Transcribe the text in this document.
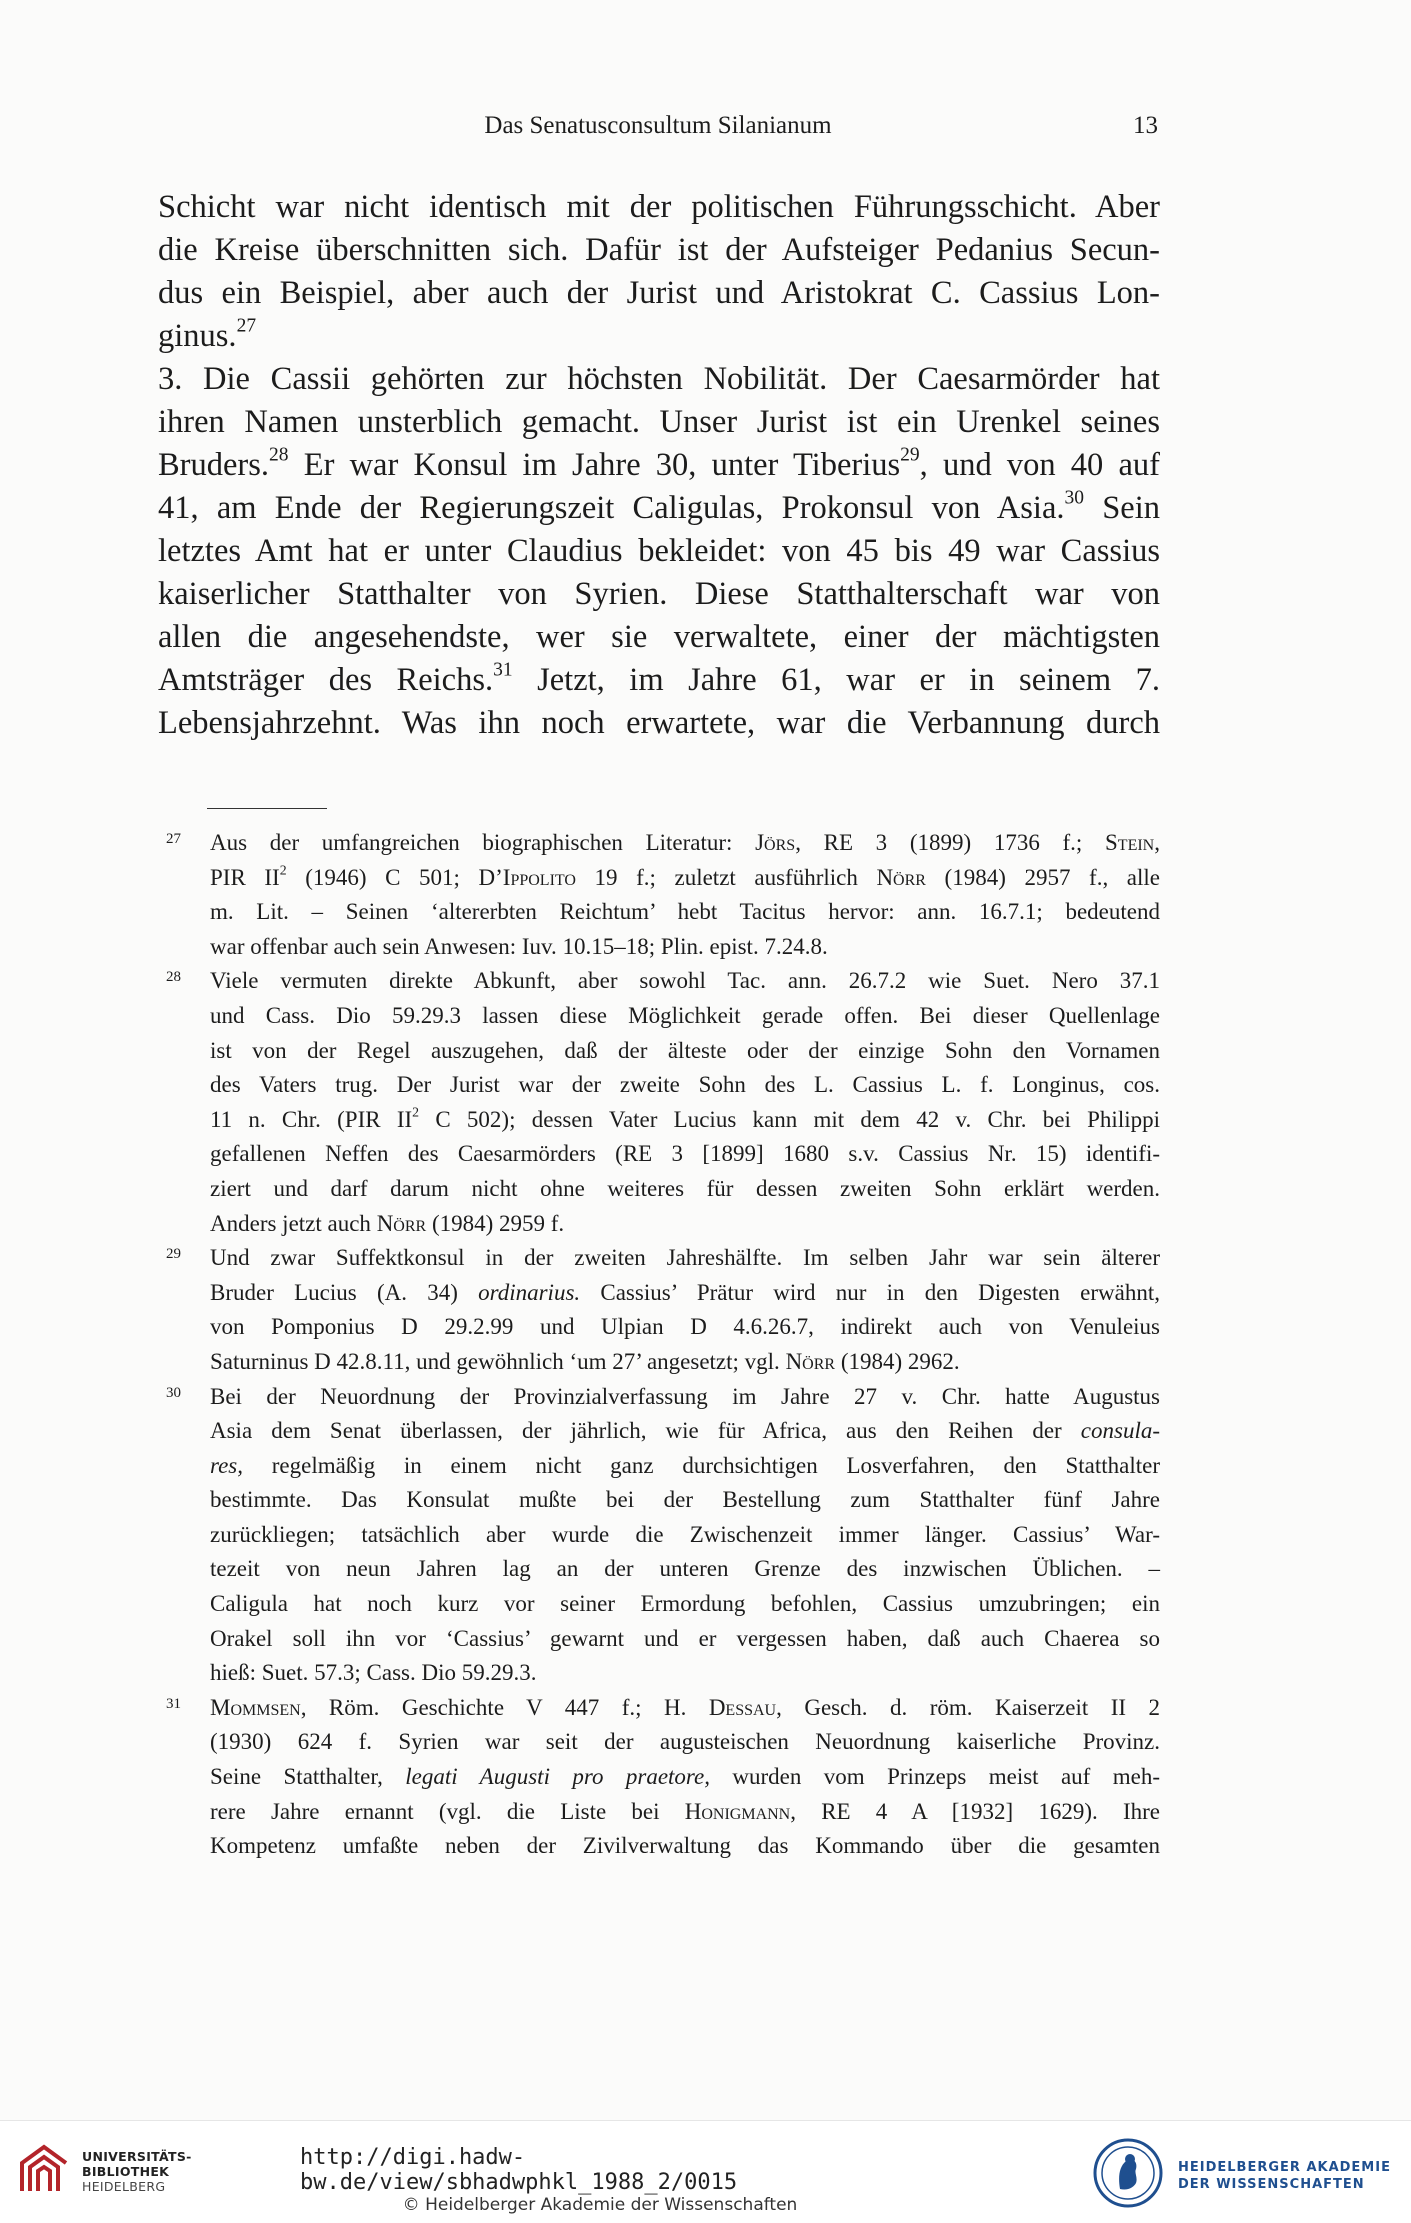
Das Senatusconsultum Silanianum	13
Schicht war nicht identisch mit der politischen Führungsschicht. Aber
die Kreise überschnitten sich. Dafür ist der Aufsteiger Pedanius Secun-
dus ein Beispiel, aber auch der Jurist und Aristokrat C. Cassius Lon-
ginus.$^{27}$
3. Die Cassii gehörten zur höchsten Nobilität. Der Caesarmörder hat
ihren Namen unsterblich gemacht. Unser Jurist ist ein Urenkel seines
Bruders.$^{28}$ Er war Konsul im Jahre 30, unter Tiberius$^{29}$, und von 40 auf
41, am Ende der Regierungszeit Caligulas, Prokonsul von Asia.$^{30}$ Sein
letztes Amt hat er unter Claudius bekleidet: von 45 bis 49 war Cassius
kaiserlicher Statthalter von Syrien. Diese Statthalterschaft war von
allen die angesehendste, wer sie verwaltete, einer der mächtigsten
Amtsträger des Reichs.$^{31}$ Jetzt, im Jahre 61, war er in seinem 7.
Lebensjahrzehnt. Was ihn noch erwartete, war die Verbannung durch
27 Aus der umfangreichen biographischen Literatur: Jörs, RE 3 (1899) 1736 f.; Stein,
PIR $II^2$ (1946) C 501; D’Ippolito 19 f.; zuletzt ausführlich Nörr (1984) 2957 f., alle
m. Lit. – Seinen ‘altererbten Reichtum’ hebt Tacitus hervor: ann. 16.7.1; bedeutend
war offenbar auch sein Anwesen: Iuv. 10.15–18; Plin. epist. 7.24.8.
28 Viele vermuten direkte Abkunft, aber sowohl Tac. ann. 26.7.2 wie Suet. Nero 37.1
und Cass. Dio 59.29.3 lassen diese Möglichkeit gerade offen. Bei dieser Quellenlage
ist von der Regel auszugehen, daß der älteste oder der einzige Sohn den Vornamen
des Vaters trug. Der Jurist war der zweite Sohn des L. Cassius L. f. Longinus, cos.
11 n. Chr. (PIR $II^2$ C 502); dessen Vater Lucius kann mit dem 42 v. Chr. bei Philippi
gefallenen Neffen des Caesarmörders (RE 3 [1899] 1680 s.v. Cassius Nr. 15) identifi-
ziert und darf darum nicht ohne weiteres für dessen zweiten Sohn erklärt werden.
Anders jetzt auch Nörr (1984) 2959 f.
29 Und zwar Suffektkonsul in der zweiten Jahreshälfte. Im selben Jahr war sein älterer
Bruder Lucius (A. 34) ordinarius. Cassius’ Prätur wird nur in den Digesten erwähnt,
von Pomponius D 29.2.99 und Ulpian D 4.6.26.7, indirekt auch von Venuleius
Saturninus D 42.8.11, und gewöhnlich ‘um 27’ angesetzt; vgl. Nörr (1984) 2962.
30 Bei der Neuordnung der Provinzialverfassung im Jahre 27 v. Chr. hatte Augustus
Asia dem Senat überlassen, der jährlich, wie für Africa, aus den Reihen der consula-
res, regelmäßig in einem nicht ganz durchsichtigen Losverfahren, den Statthalter
bestimmte. Das Konsulat mußte bei der Bestellung zum Statthalter fünf Jahre
zurückliegen; tatsächlich aber wurde die Zwischenzeit immer länger. Cassius’ War-
tezeit von neun Jahren lag an der unteren Grenze des inzwischen Üblichen. –
Caligula hat noch kurz vor seiner Ermordung befohlen, Cassius umzubringen; ein
Orakel soll ihn vor ‘Cassius’ gewarnt und er vergessen haben, daß auch Chaerea so
hieß: Suet. 57.3; Cass. Dio 59.29.3.
31 Mommsen, Röm. Geschichte V 447 f.; H. Dessau, Gesch. d. röm. Kaiserzeit II 2
(1930) 624 f. Syrien war seit der augusteischen Neuordnung kaiserliche Provinz.
Seine Statthalter, legati Augusti pro praetore, wurden vom Prinzeps meist auf meh-
rere Jahre ernannt (vgl. die Liste bei Honigmann, RE 4 A [1932] 1629). Ihre
Kompetenz umfaßte neben der Zivilverwaltung das Kommando über die gesamten
UNIVERSITÄTS-
BIBLIOTHEK
HEIDELBERG
http://digi.hadw-bw.de/view/sbhadwphkl_1988_2/0015
© Heidelberger Akademie der Wissenschaften
HEIDELBERGER AKADEMIE
DER WISSENSCHAFTEN
